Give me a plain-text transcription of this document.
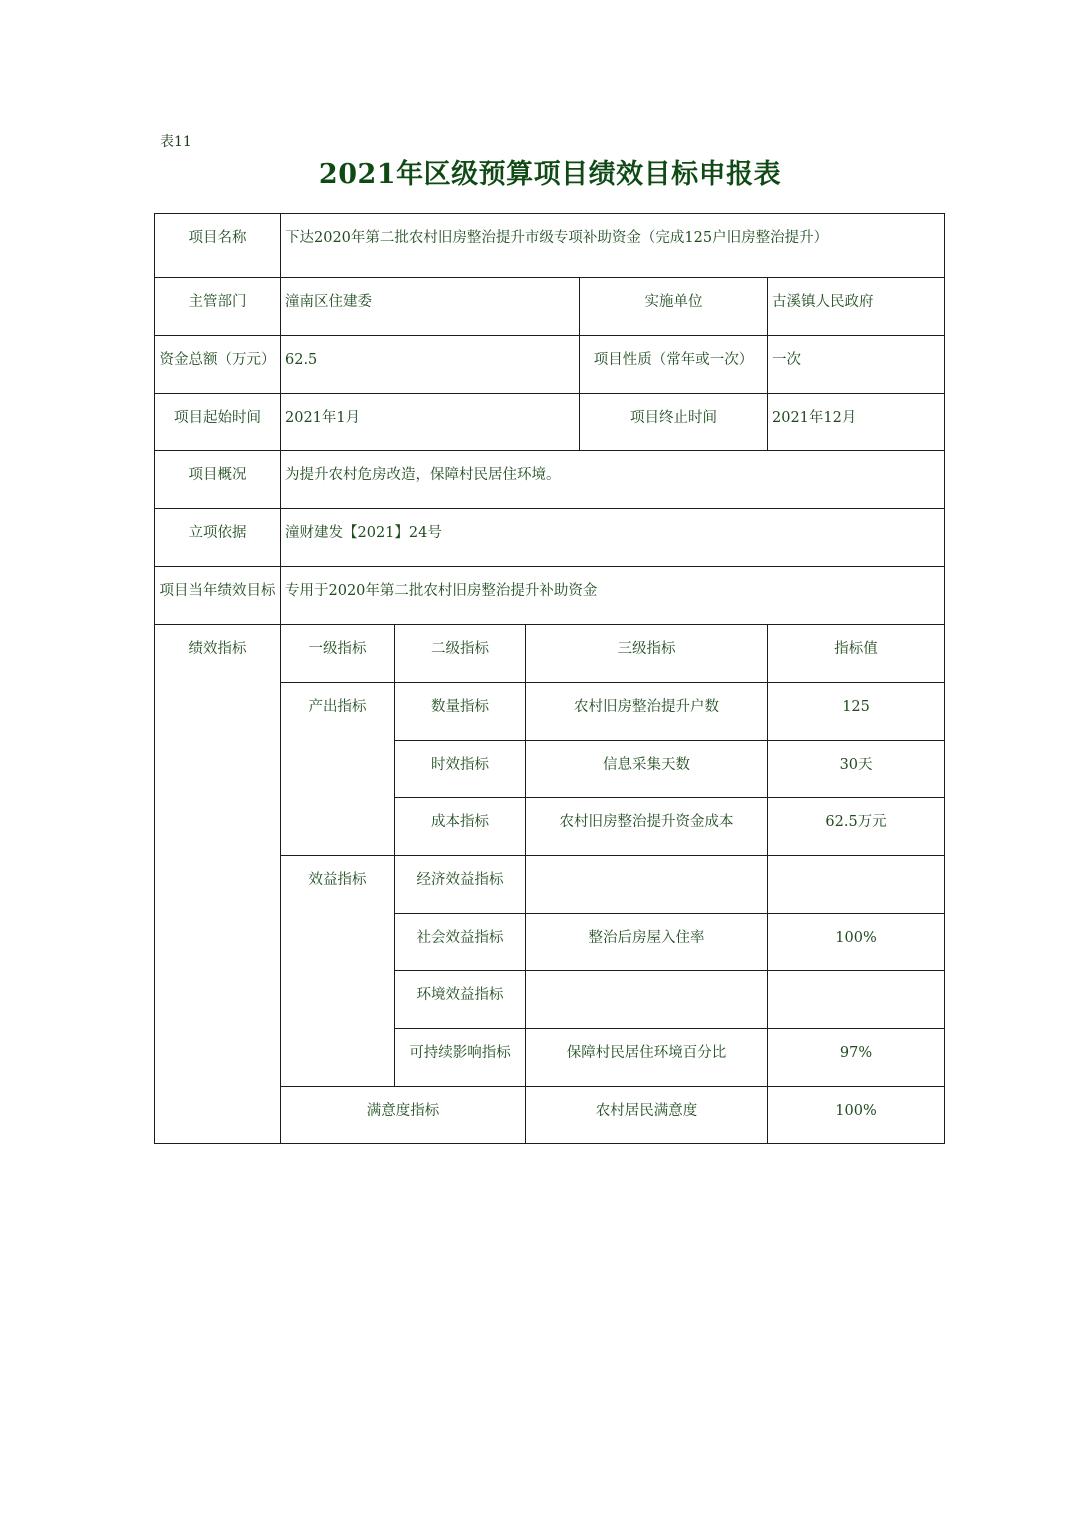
表11
2021年区级预算项目绩效目标申报表
项目名称	下达2020年第二批农村旧房整治提升市级专项补助资金（完成125户旧房整治提升）				
主管部门	潼南区住建委			实施单位	古溪镇人民政府
资金总额（万元）	62.5			项目性质（常年或一次）	一次
项目起始时间	2021年1月			项目终止时间	2021年12月
项目概况	为提升农村危房改造，保障村民居住环境。				
立项依据	潼财建发【2021】24号				
项目当年绩效目标	专用于2020年第二批农村旧房整治提升补助资金				
绩效指标	一级指标	二级指标	三级指标		指标值
	产出指标	数量指标	农村旧房整治提升户数		125
		时效指标	信息采集天数		30天
		成本指标	农村旧房整治提升资金成本		62.5万元
	效益指标	经济效益指标			
		社会效益指标	整治后房屋入住率		100%
		环境效益指标			
		可持续影响指标	保障村民居住环境百分比		97%
	满意度指标		农村居民满意度		100%
